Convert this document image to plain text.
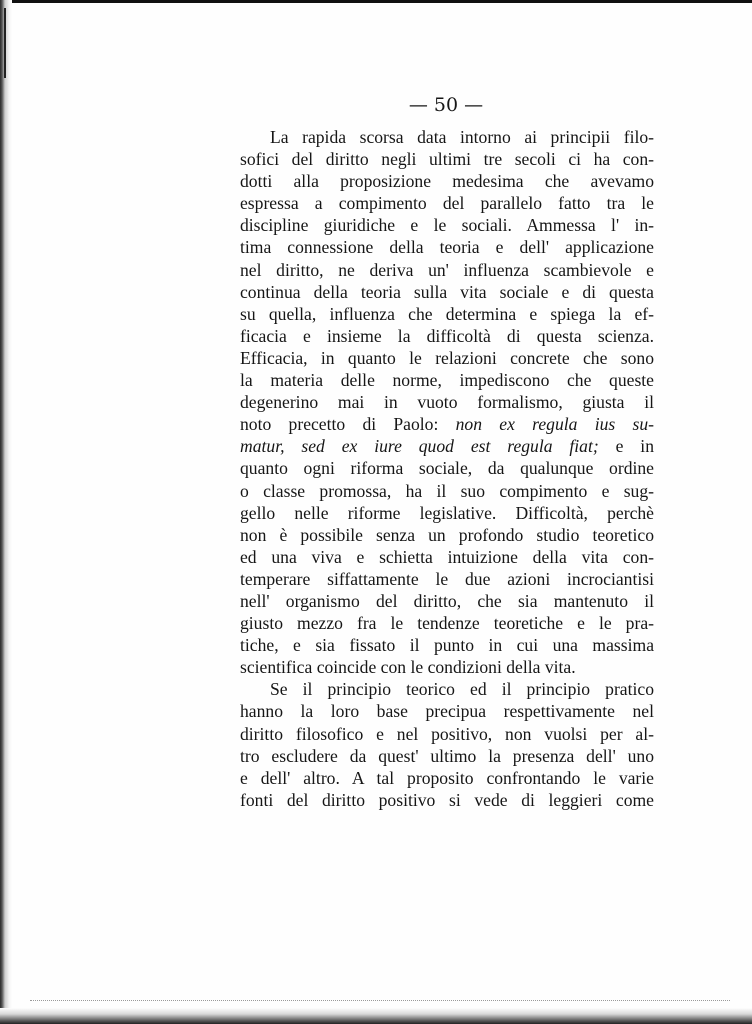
— 50 —
La rapida scorsa data intorno ai principii filo-
sofici del diritto negli ultimi tre secoli ci ha con-
dotti alla proposizione medesima che avevamo
espressa a compimento del parallelo fatto tra le
discipline giuridiche e le sociali. Ammessa l' in-
tima connessione della teoria e dell' applicazione
nel diritto, ne deriva un' influenza scambievole e
continua della teoria sulla vita sociale e di questa
su quella, influenza che determina e spiega la ef-
ficacia e insieme la difficoltà di questa scienza.
Efficacia, in quanto le relazioni concrete che sono
la materia delle norme, impediscono che queste
degenerino mai in vuoto formalismo, giusta il
noto precetto di Paolo: non ex regula ius su-
matur, sed ex iure quod est regula fiat; e in
quanto ogni riforma sociale, da qualunque ordine
o classe promossa, ha il suo compimento e sug-
gello nelle riforme legislative. Difficoltà, perchè
non è possibile senza un profondo studio teoretico
ed una viva e schietta intuizione della vita con-
temperare siffattamente le due azioni incrociantisi
nell' organismo del diritto, che sia mantenuto il
giusto mezzo fra le tendenze teoretiche e le pra-
tiche, e sia fissato il punto in cui una massima
scientifica coincide con le condizioni della vita.
Se il principio teorico ed il principio pratico
hanno la loro base precipua respettivamente nel
diritto filosofico e nel positivo, non vuolsi per al-
tro escludere da quest' ultimo la presenza dell' uno
e dell' altro. A tal proposito confrontando le varie
fonti del diritto positivo si vede di leggieri come
